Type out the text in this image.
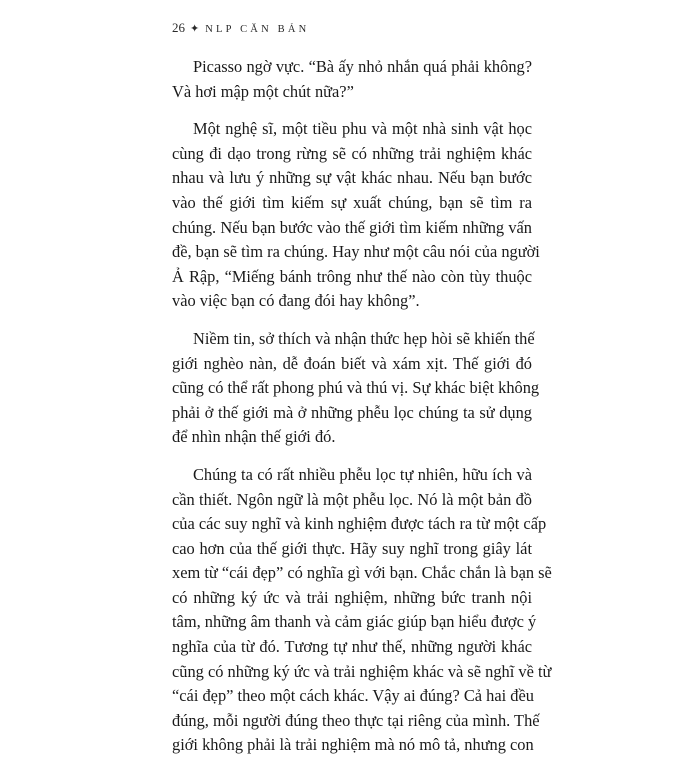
26 ✦ NLP CĂN BẢN

Picasso ngờ vực. “Bà ấy nhỏ nhắn quá phải không?
Và hơi mập một chút nữa?”

Một nghệ sĩ, một tiều phu và một nhà sinh vật học
cùng đi dạo trong rừng sẽ có những trải nghiệm khác
nhau và lưu ý những sự vật khác nhau. Nếu bạn bước
vào thế giới tìm kiếm sự xuất chúng, bạn sẽ tìm ra
chúng. Nếu bạn bước vào thế giới tìm kiếm những vấn
đề, bạn sẽ tìm ra chúng. Hay như một câu nói của người
Ả Rập, “Miếng bánh trông như thế nào còn tùy thuộc
vào việc bạn có đang đói hay không”.

Niềm tin, sở thích và nhận thức hẹp hòi sẽ khiến thế
giới nghèo nàn, dễ đoán biết và xám xịt. Thế giới đó
cũng có thể rất phong phú và thú vị. Sự khác biệt không
phải ở thế giới mà ở những phễu lọc chúng ta sử dụng
để nhìn nhận thế giới đó.

Chúng ta có rất nhiều phễu lọc tự nhiên, hữu ích và
cần thiết. Ngôn ngữ là một phễu lọc. Nó là một bản đồ
của các suy nghĩ và kinh nghiệm được tách ra từ một cấp
cao hơn của thế giới thực. Hãy suy nghĩ trong giây lát
xem từ “cái đẹp” có nghĩa gì với bạn. Chắc chắn là bạn sẽ
có những ký ức và trải nghiệm, những bức tranh nội
tâm, những âm thanh và cảm giác giúp bạn hiểu được ý
nghĩa của từ đó. Tương tự như thế, những người khác
cũng có những ký ức và trải nghiệm khác và sẽ nghĩ về từ
“cái đẹp” theo một cách khác. Vậy ai đúng? Cả hai đều
đúng, mỗi người đúng theo thực tại riêng của mình. Thế
giới không phải là trải nghiệm mà nó mô tả, nhưng con
